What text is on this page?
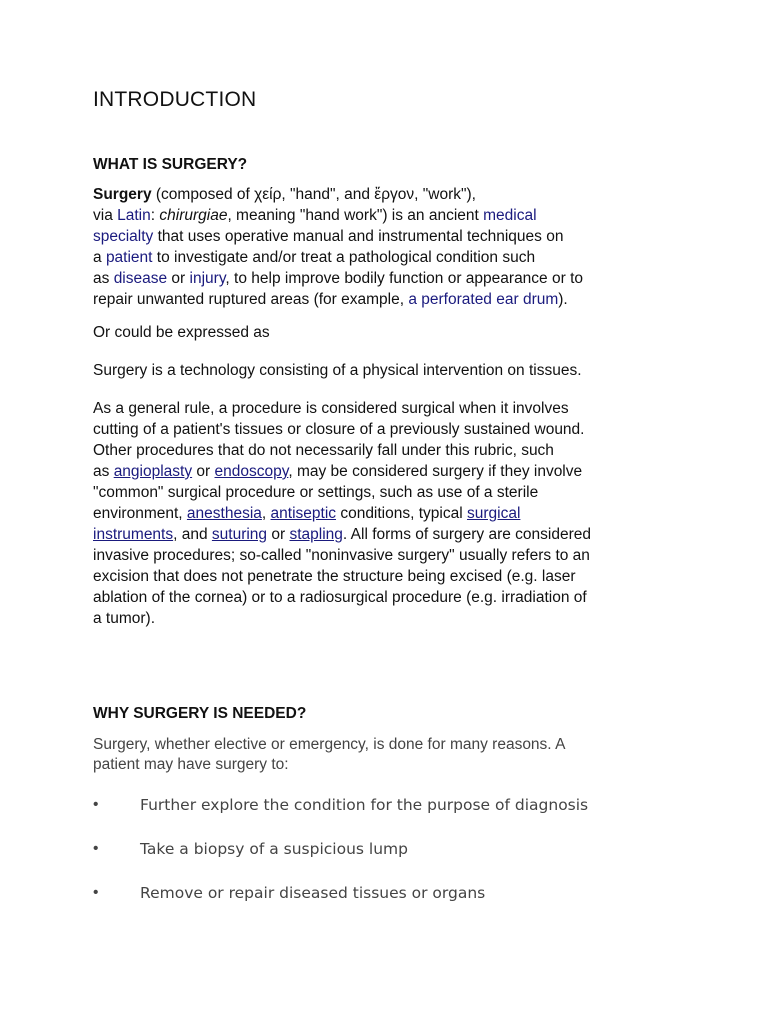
INTRODUCTION
WHAT IS SURGERY?
Surgery (composed of χείρ, "hand", and ἔργον, "work"),
via Latin: chirurgiae, meaning "hand work") is an ancient medical
specialty that uses operative manual and instrumental techniques on
a patient to investigate and/or treat a pathological condition such
as disease or injury, to help improve bodily function or appearance or to
repair unwanted ruptured areas (for example, a perforated ear drum).
Or could be expressed as
Surgery is a technology consisting of a physical intervention on tissues.
As a general rule, a procedure is considered surgical when it involves
cutting of a patient's tissues or closure of a previously sustained wound.
Other procedures that do not necessarily fall under this rubric, such
as angioplasty or endoscopy, may be considered surgery if they involve
"common" surgical procedure or settings, such as use of a sterile
environment, anesthesia, antiseptic conditions, typical surgical
instruments, and suturing or stapling. All forms of surgery are considered
invasive procedures; so-called "noninvasive surgery" usually refers to an
excision that does not penetrate the structure being excised (e.g. laser
ablation of the cornea) or to a radiosurgical procedure (e.g. irradiation of
a tumor).
WHY SURGERY IS NEEDED?
Surgery, whether elective or emergency, is done for many reasons. A
patient may have surgery to:
•	Further explore the condition for the purpose of diagnosis
•	Take a biopsy of a suspicious lump
•	Remove or repair diseased tissues or organs
